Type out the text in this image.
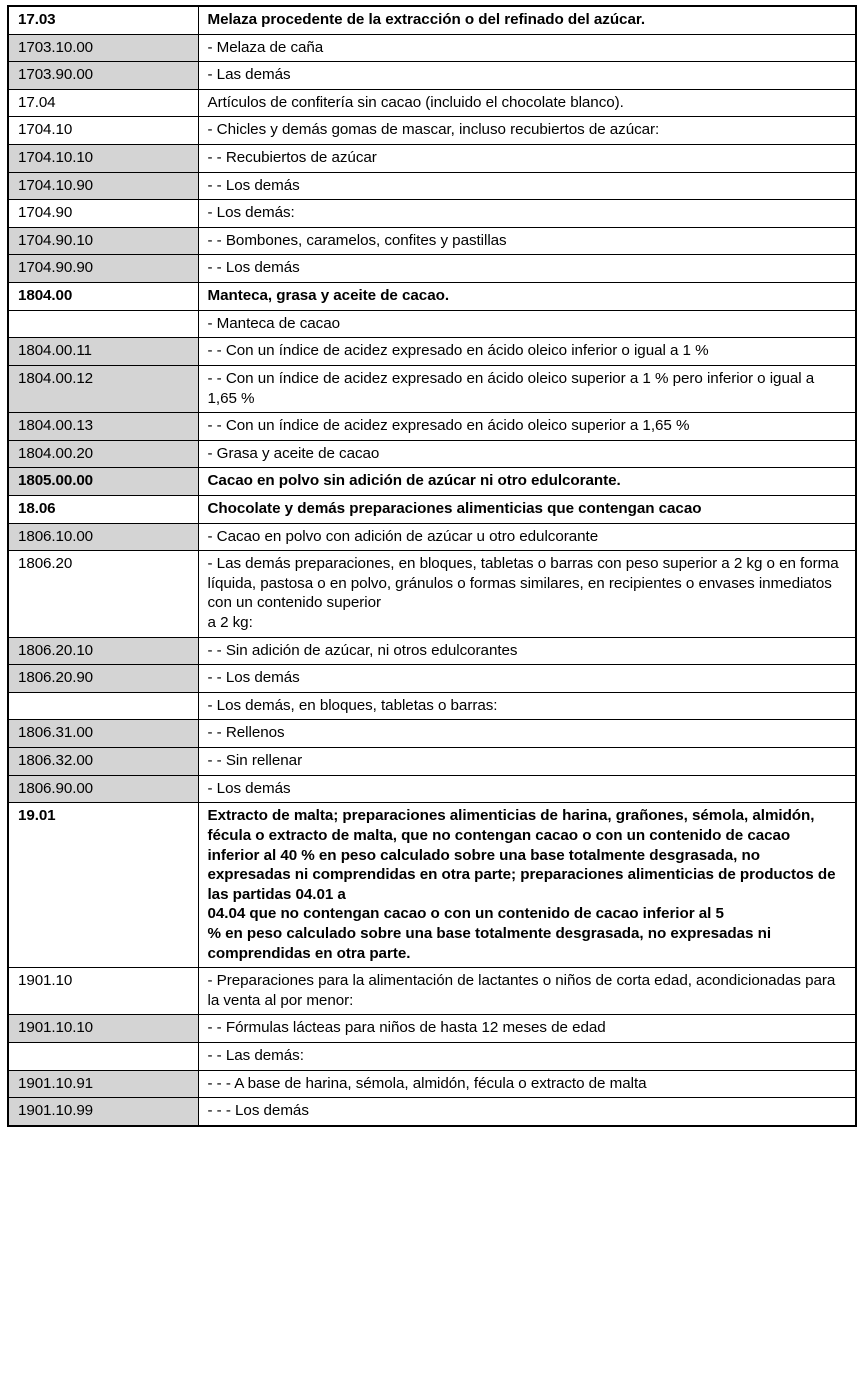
17.03	Melaza procedente de la extracción o del refinado del azúcar.
1703.10.00	- Melaza de caña
1703.90.00	- Las demás
17.04	Artículos de confitería sin cacao (incluido el chocolate blanco).
1704.10	- Chicles y demás gomas de mascar, incluso recubiertos de azúcar:
1704.10.10	- - Recubiertos de azúcar
1704.10.90	- - Los demás
1704.90	- Los demás:
1704.90.10	- - Bombones, caramelos, confites y pastillas
1704.90.90	- - Los demás
1804.00	Manteca, grasa y aceite de cacao.
	- Manteca de cacao
1804.00.11	- - Con un índice de acidez expresado en ácido oleico inferior o igual a 1 %
1804.00.12	- - Con un índice de acidez expresado en ácido oleico superior a 1 % pero inferior o igual a 1,65 %
1804.00.13	- - Con un índice de acidez expresado en ácido oleico superior a 1,65 %
1804.00.20	- Grasa y aceite de cacao
1805.00.00	Cacao en polvo sin adición de azúcar ni otro edulcorante.
18.06	Chocolate y demás preparaciones alimenticias que contengan cacao
1806.10.00	- Cacao en polvo con adición de azúcar u otro edulcorante
1806.20	- Las demás preparaciones, en bloques, tabletas o barras con peso superior a 2 kg o en forma líquida, pastosa o en polvo, gránulos o formas similares, en recipientes o envases inmediatos con un contenido superior
a 2 kg:

1806.20.10	- - Sin adición de azúcar, ni otros edulcorantes
1806.20.90	- - Los demás
	- Los demás, en bloques, tabletas o barras:
1806.31.00	- - Rellenos
1806.32.00	- - Sin rellenar
1806.90.00	- Los demás
19.01	Extracto de malta; preparaciones alimenticias de harina, grañones, sémola, almidón, fécula o extracto de malta, que no contengan cacao o con un contenido de cacao inferior al 40 % en peso calculado sobre una base totalmente desgrasada, no expresadas ni comprendidas en otra parte; preparaciones alimenticias de productos de las partidas 04.01 a
04.04 que no contengan cacao o con un contenido de cacao inferior al 5
% en peso calculado sobre una base totalmente desgrasada, no expresadas ni comprendidas en otra parte.

1901.10	- Preparaciones para la alimentación de lactantes o niños de corta edad, acondicionadas para la venta al por menor:
1901.10.10	- - Fórmulas lácteas para niños de hasta 12 meses de edad
	- - Las demás:
1901.10.91	- - - A base de harina, sémola, almidón, fécula o extracto de malta
1901.10.99	- - - Los demás
